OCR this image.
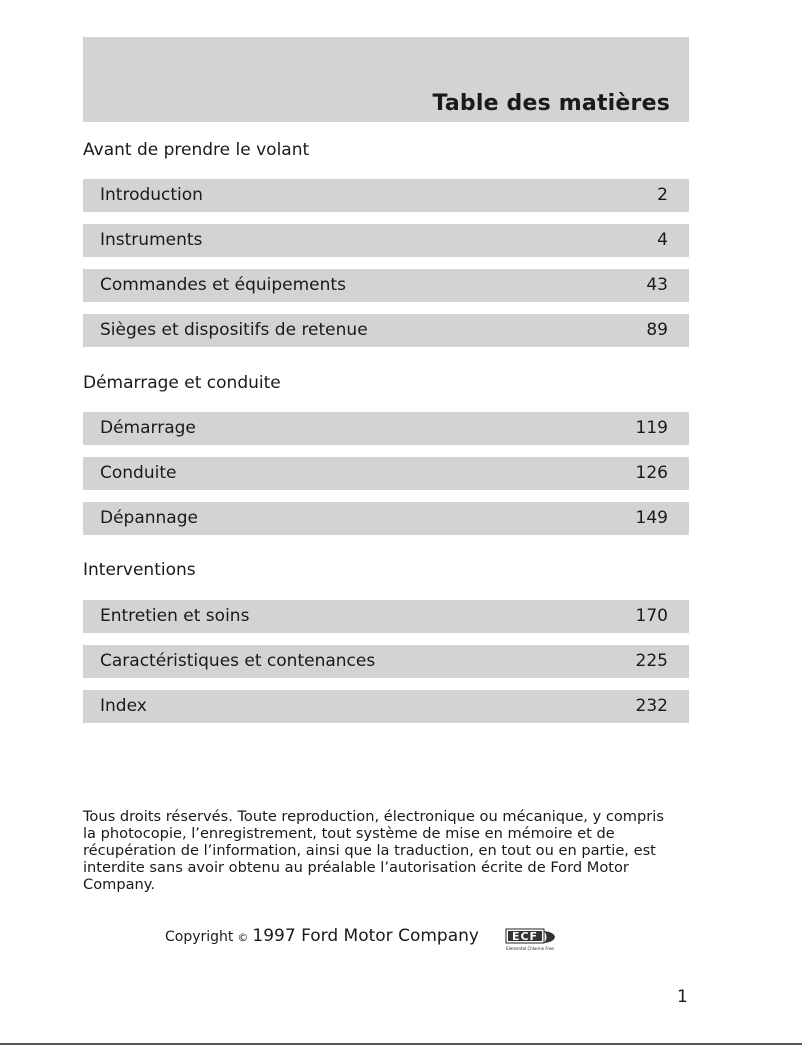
Table des matières
Avant de prendre le volant
Introduction	2
Instruments	4
Commandes et équipements	43
Sièges et dispositifs de retenue	89
Démarrage et conduite
Démarrage	119
Conduite	126
Dépannage	149
Interventions
Entretien et soins	170
Caractéristiques et contenances	225
Index	232
Tous droits réservés. Toute reproduction, électronique ou mécanique, y compris
la photocopie, l’enregistrement, tout système de mise en mémoire et de
récupération de l’information, ainsi que la traduction, en tout ou en partie, est
interdite sans avoir obtenu au préalable l’autorisation écrite de Ford Motor
Company.
Copyright © 1997 Ford Motor Company	ECF
Elemental Chlorine Free
1
